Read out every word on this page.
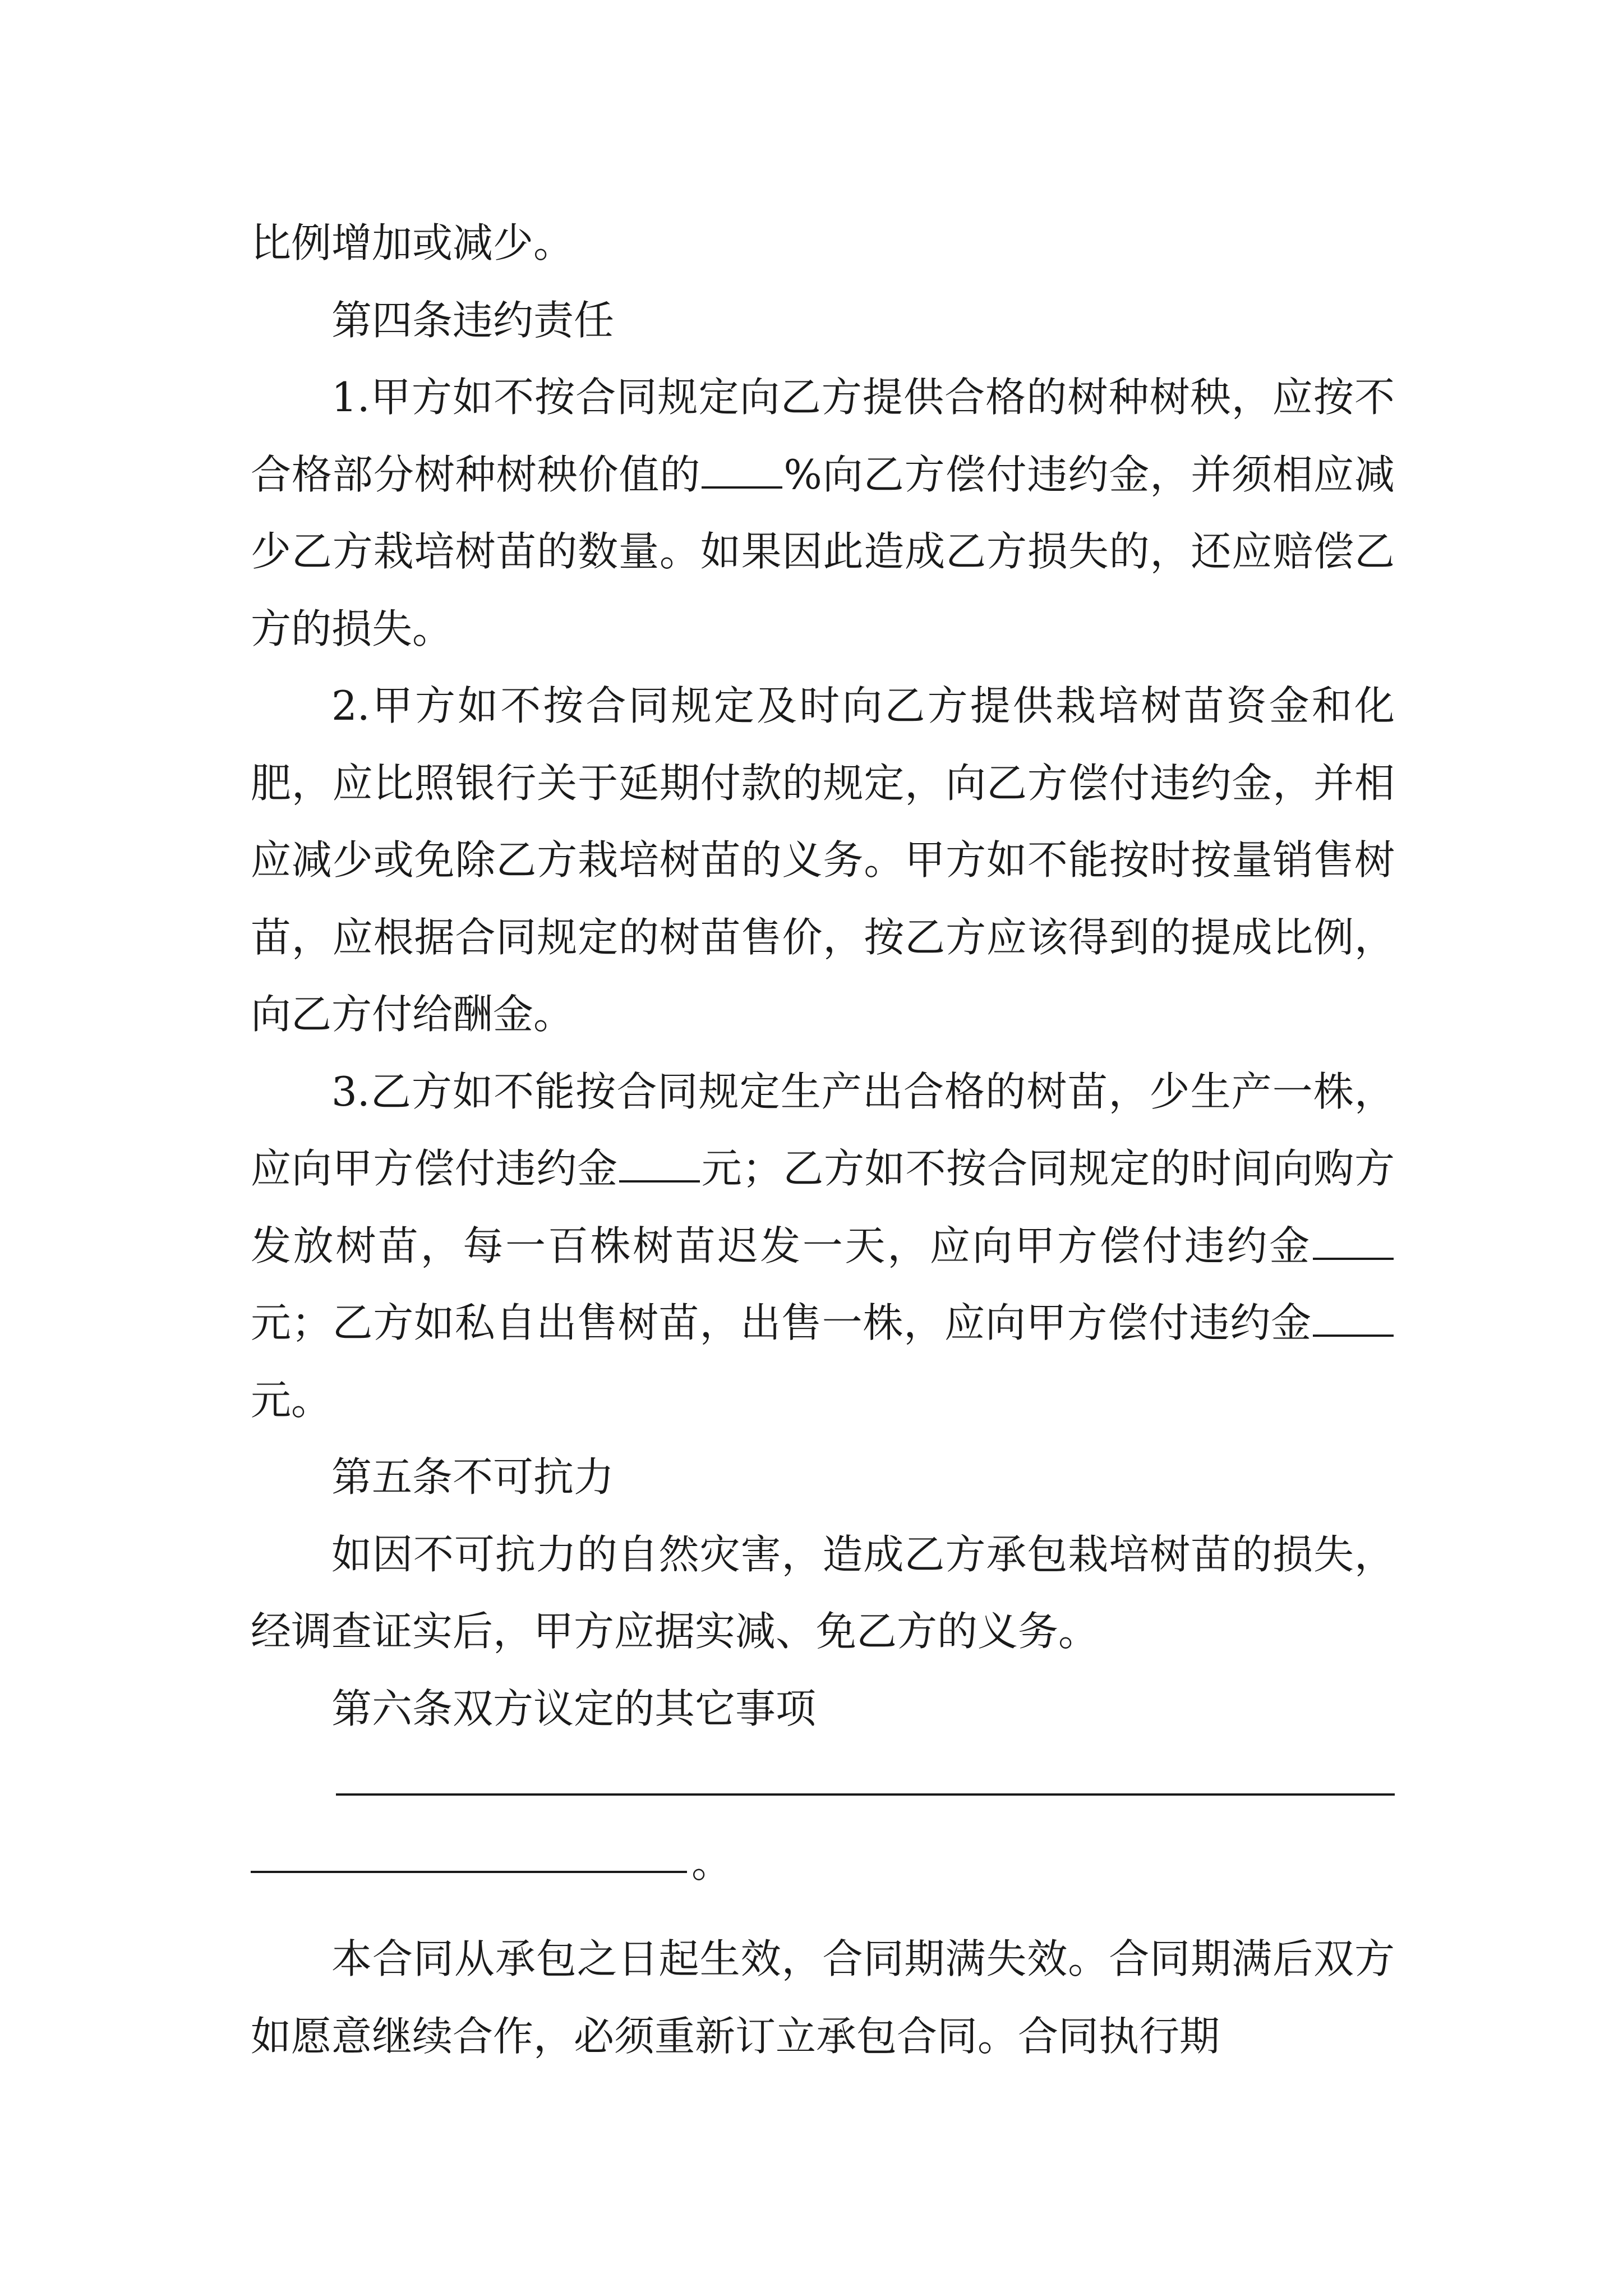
比例增加或减少。

第四条违约责任

1.甲方如不按合同规定向乙方提供合格的树种树秧，应按不合格部分树种树秧价值的 %向乙方偿付违约金，并须相应减少乙方栽培树苗的数量。如果因此造成乙方损失的，还应赔偿乙方的损失。

2.甲方如不按合同规定及时向乙方提供栽培树苗资金和化肥，应比照银行关于延期付款的规定，向乙方偿付违约金，并相应减少或免除乙方栽培树苗的义务。甲方如不能按时按量销售树苗，应根据合同规定的树苗售价，按乙方应该得到的提成比例，向乙方付给酬金。

3.乙方如不能按合同规定生产出合格的树苗，少生产一株，应向甲方偿付违约金 元；乙方如不按合同规定的时间向购方发放树苗，每一百株树苗迟发一天，应向甲方偿付违约金元；乙方如私自出售树苗，出售一株，应向甲方偿付违约金元。

第五条不可抗力

如因不可抗力的自然灾害，造成乙方承包栽培树苗的损失，经调查证实后，甲方应据实减、免乙方的义务。

第六条双方议定的其它事项

。

本合同从承包之日起生效，合同期满失效。合同期满后双方如愿意继续合作，必须重新订立承包合同。合同执行期
